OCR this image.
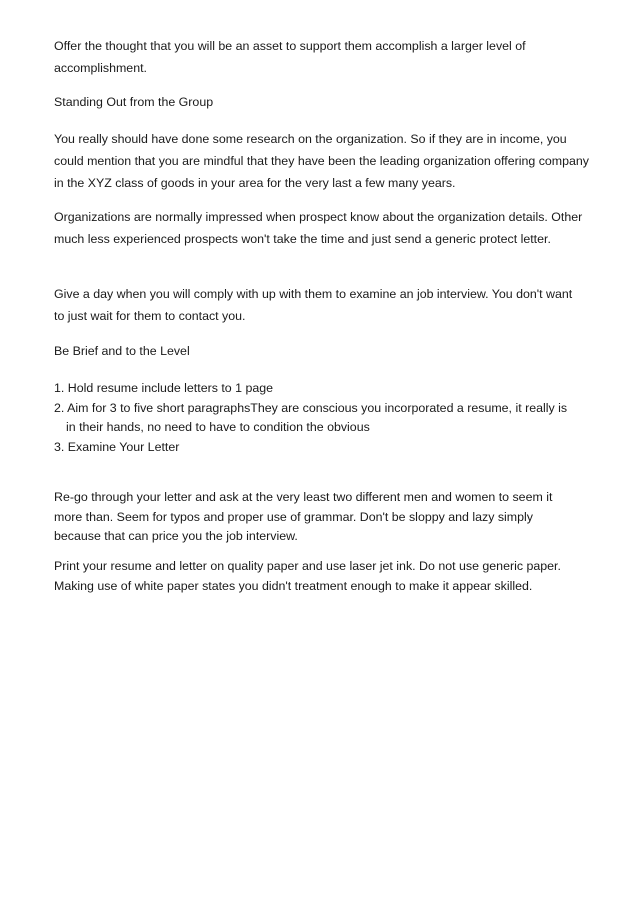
Offer the thought that you will be an asset to support them accomplish a larger level of accomplishment.

Standing Out from the Group

You really should have done some research on the organization. So if they are in income, you could mention that you are mindful that they have been the leading organization offering company in the XYZ class of goods in your area for the very last a few many years.

Organizations are normally impressed when prospect know about the organization details. Other much less experienced prospects won't take the time and just send a generic protect letter.

Give a day when you will comply with up with them to examine an job interview. You don't want to just wait for them to contact you.

Be Brief and to the Level

1. Hold resume include letters to 1 page

2. Aim for 3 to five short paragraphsThey are conscious you incorporated a resume, it really is in their hands, no need to have to condition the obvious

3. Examine Your Letter

Re-go through your letter and ask at the very least two different men and women to seem it more than. Seem for typos and proper use of grammar. Don't be sloppy and lazy simply because that can price you the job interview.

Print your resume and letter on quality paper and use laser jet ink. Do not use generic paper. Making use of white paper states you didn't treatment enough to make it appear skilled.
